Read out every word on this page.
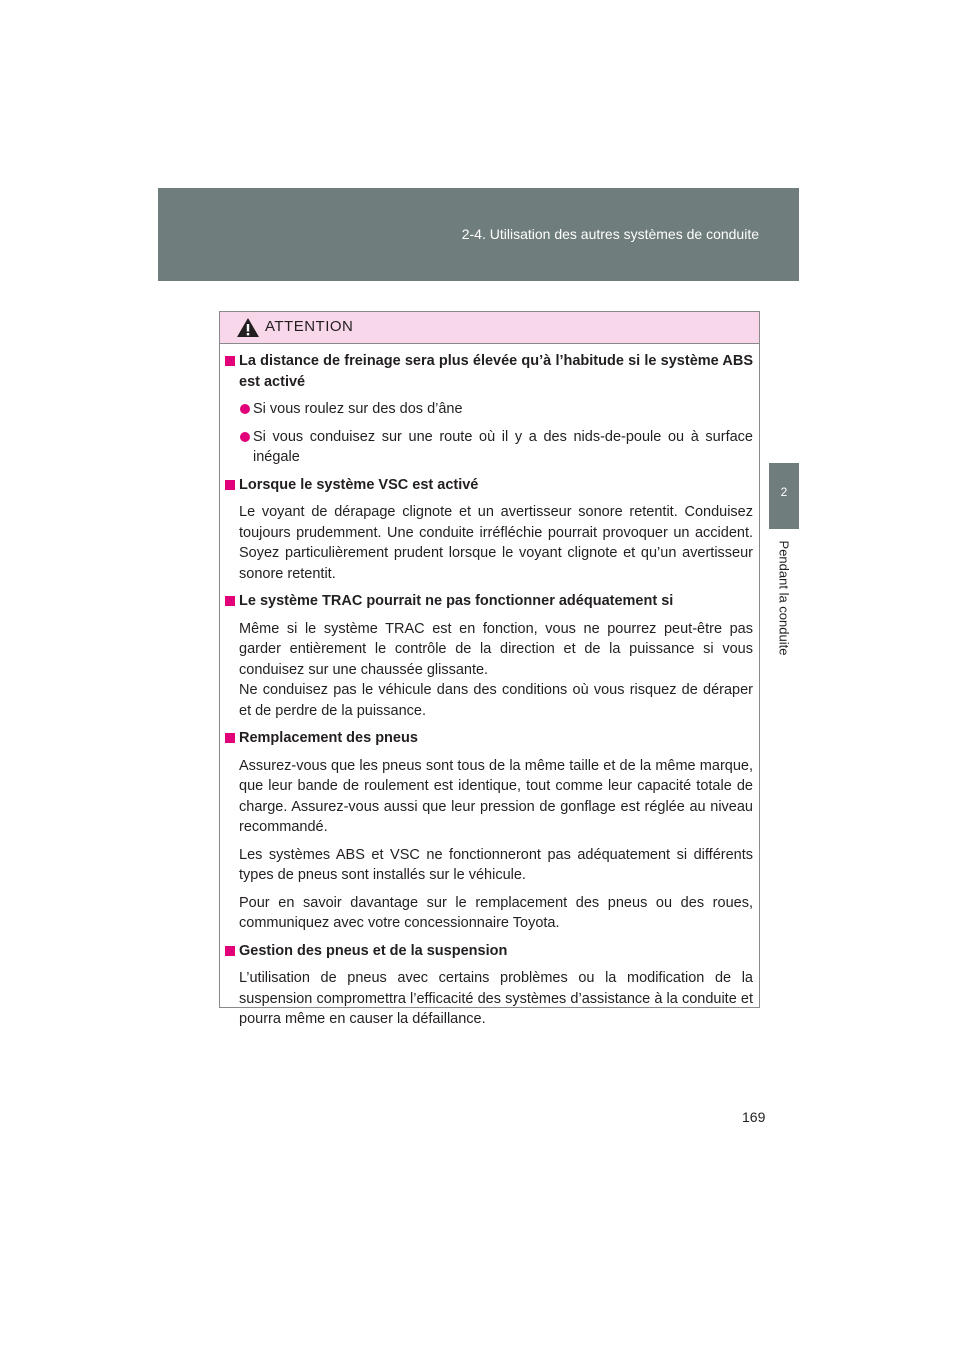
2-4. Utilisation des autres systèmes de conduite
2
Pendant la conduite
ATTENTION
La distance de freinage sera plus élevée qu’à l’habitude si le système ABS est activé
Si vous roulez sur des dos d’âne
Si vous conduisez sur une route où il y a des nids-de-poule ou à surface inégale
Lorsque le système VSC est activé
Le voyant de dérapage clignote et un avertisseur sonore retentit. Conduisez toujours prudemment. Une conduite irréfléchie pourrait provoquer un accident. Soyez particulièrement prudent lorsque le voyant clignote et qu’un avertisseur sonore retentit.
Le système TRAC pourrait ne pas fonctionner adéquatement si
Même si le système TRAC est en fonction, vous ne pourrez peut-être pas garder entièrement le contrôle de la direction et de la puissance si vous conduisez sur une chaussée glissante.
Ne conduisez pas le véhicule dans des conditions où vous risquez de déraper et de perdre de la puissance.
Remplacement des pneus
Assurez-vous que les pneus sont tous de la même taille et de la même marque, que leur bande de roulement est identique, tout comme leur capacité totale de charge. Assurez-vous aussi que leur pression de gonflage est réglée au niveau recommandé.
Les systèmes ABS et VSC ne fonctionneront pas adéquatement si différents types de pneus sont installés sur le véhicule.
Pour en savoir davantage sur le remplacement des pneus ou des roues, communiquez avec votre concessionnaire Toyota.
Gestion des pneus et de la suspension
L’utilisation de pneus avec certains problèmes ou la modification de la suspension compromettra l’efficacité des systèmes d’assistance à la conduite et pourra même en causer la défaillance.
169
